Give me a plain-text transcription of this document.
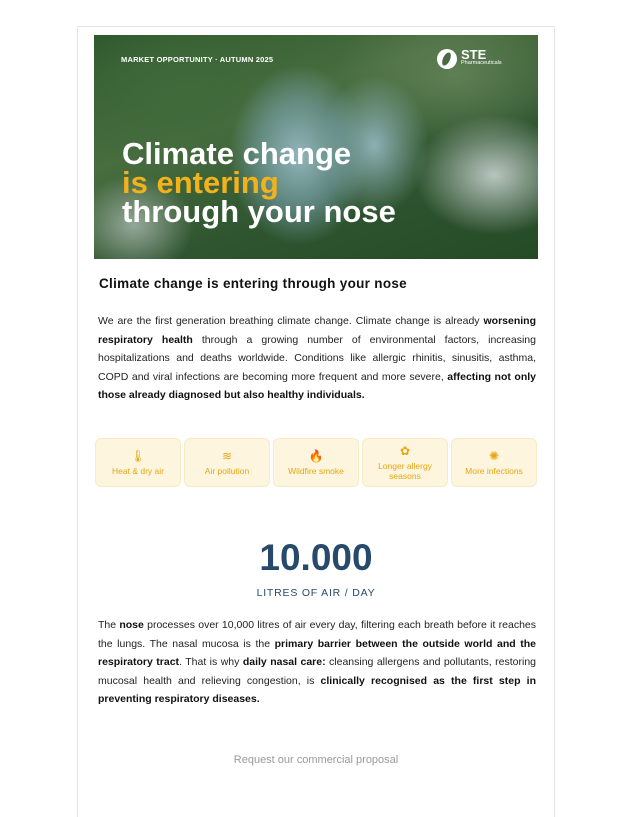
MARKET OPPORTUNITY · AUTUMN 2025	STE
Pharmaceuticals
Climate change
is entering
through your nose
Climate change is entering through your nose
We are the first generation breathing climate change. Climate change is already worsening respiratory health through a growing number of environmental factors, increasing hospitalizations and deaths worldwide. Conditions like allergic rhinitis, sinusitis, asthma, COPD and viral infections are becoming more frequent and more severe, affecting not only those already diagnosed but also healthy individuals.
🌡
Heat & dry air
≋
Air pollution
🔥
Wildfire smoke
✿
Longer allergy seasons
✺
More infections
10.000
LITRES OF AIR / DAY
The nose processes over 10,000 litres of air every day, filtering each breath before it reaches the lungs. The nasal mucosa is the primary barrier between the outside world and the respiratory tract. That is why daily nasal care: cleansing allergens and pollutants, restoring mucosal health and relieving congestion, is clinically recognised as the first step in preventing respiratory diseases.
Request our commercial proposal
